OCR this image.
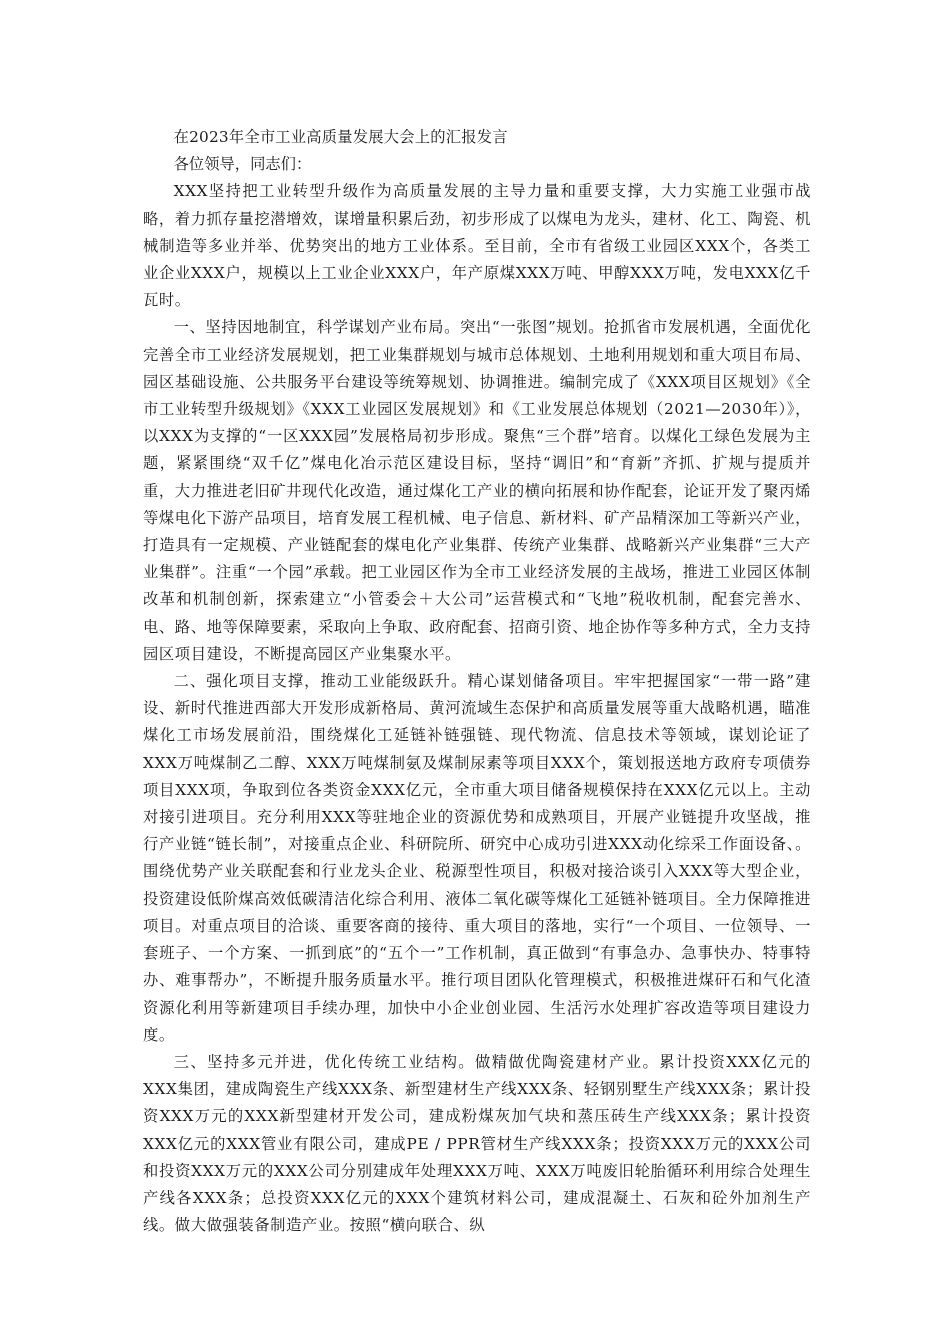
在2023年全市工业高质量发展大会上的汇报发言

各位领导，同志们：

XXX坚持把工业转型升级作为高质量发展的主导力量和重要支撑，大力实施工业强市战略，着力抓存量挖潜增效，谋增量积累后劲，初步形成了以煤电为龙头，建材、化工、陶瓷、机械制造等多业并举、优势突出的地方工业体系。至目前，全市有省级工业园区XXX个，各类工业企业XXX户，规模以上工业企业XXX户，年产原煤XXX万吨、甲醇XXX万吨，发电XXX亿千瓦时。

一、坚持因地制宜，科学谋划产业布局。突出“一张图”规划。抢抓省市发展机遇，全面优化完善全市工业经济发展规划，把工业集群规划与城市总体规划、土地利用规划和重大项目布局、园区基础设施、公共服务平台建设等统筹规划、协调推进。编制完成了《XXX项目区规划》《全市工业转型升级规划》《XXX工业园区发展规划》和《工业发展总体规划（2021—2030年）》，以XXX为支撑的“一区XXX园”发展格局初步形成。聚焦“三个群”培育。以煤化工绿色发展为主题，紧紧围绕“双千亿”煤电化冶示范区建设目标，坚持“调旧”和“育新”齐抓、扩规与提质并重，大力推进老旧矿井现代化改造，通过煤化工产业的横向拓展和协作配套，论证开发了聚丙烯等煤电化下游产品项目，培育发展工程机械、电子信息、新材料、矿产品精深加工等新兴产业，打造具有一定规模、产业链配套的煤电化产业集群、传统产业集群、战略新兴产业集群“三大产业集群”。注重“一个园”承载。把工业园区作为全市工业经济发展的主战场，推进工业园区体制改革和机制创新，探索建立“小管委会＋大公司”运营模式和“飞地”税收机制，配套完善水、电、路、地等保障要素，采取向上争取、政府配套、招商引资、地企协作等多种方式，全力支持园区项目建设，不断提高园区产业集聚水平。

二、强化项目支撑，推动工业能级跃升。精心谋划储备项目。牢牢把握国家“一带一路”建设、新时代推进西部大开发形成新格局、黄河流域生态保护和高质量发展等重大战略机遇，瞄准煤化工市场发展前沿，围绕煤化工延链补链强链、现代物流、信息技术等领域，谋划论证了XXX万吨煤制乙二醇、XXX万吨煤制氨及煤制尿素等项目XXX个，策划报送地方政府专项债券项目XXX项，争取到位各类资金XXX亿元，全市重大项目储备规模保持在XXX亿元以上。主动对接引进项目。充分利用XXX等驻地企业的资源优势和成熟项目，开展产业链提升攻坚战，推行产业链“链长制”，对接重点企业、科研院所、研究中心成功引进XXX动化综采工作面设备、。围绕优势产业关联配套和行业龙头企业、税源型性项目，积极对接洽谈引入XXX等大型企业，投资建设低阶煤高效低碳清洁化综合利用、液体二氧化碳等煤化工延链补链项目。全力保障推进项目。对重点项目的洽谈、重要客商的接待、重大项目的落地，实行“一个项目、一位领导、一套班子、一个方案、一抓到底”的“五个一”工作机制，真正做到“有事急办、急事快办、特事特办、难事帮办”，不断提升服务质量水平。推行项目团队化管理模式，积极推进煤矸石和气化渣资源化利用等新建项目手续办理，加快中小企业创业园、生活污水处理扩容改造等项目建设力度。

三、坚持多元并进，优化传统工业结构。做精做优陶瓷建材产业。累计投资XXX亿元的XXX集团，建成陶瓷生产线XXX条、新型建材生产线XXX条、轻钢别墅生产线XXX条；累计投资XXX万元的XXX新型建材开发公司，建成粉煤灰加气块和蒸压砖生产线XXX条；累计投资XXX亿元的XXX管业有限公司，建成PE / PPR管材生产线XXX条；投资XXX万元的XXX公司和投资XXX万元的XXX公司分别建成年处理XXX万吨、XXX万吨废旧轮胎循环利用综合处理生产线各XXX条；总投资XXX亿元的XXX个建筑材料公司，建成混凝土、石灰和砼外加剂生产线。做大做强装备制造产业。按照“横向联合、纵
